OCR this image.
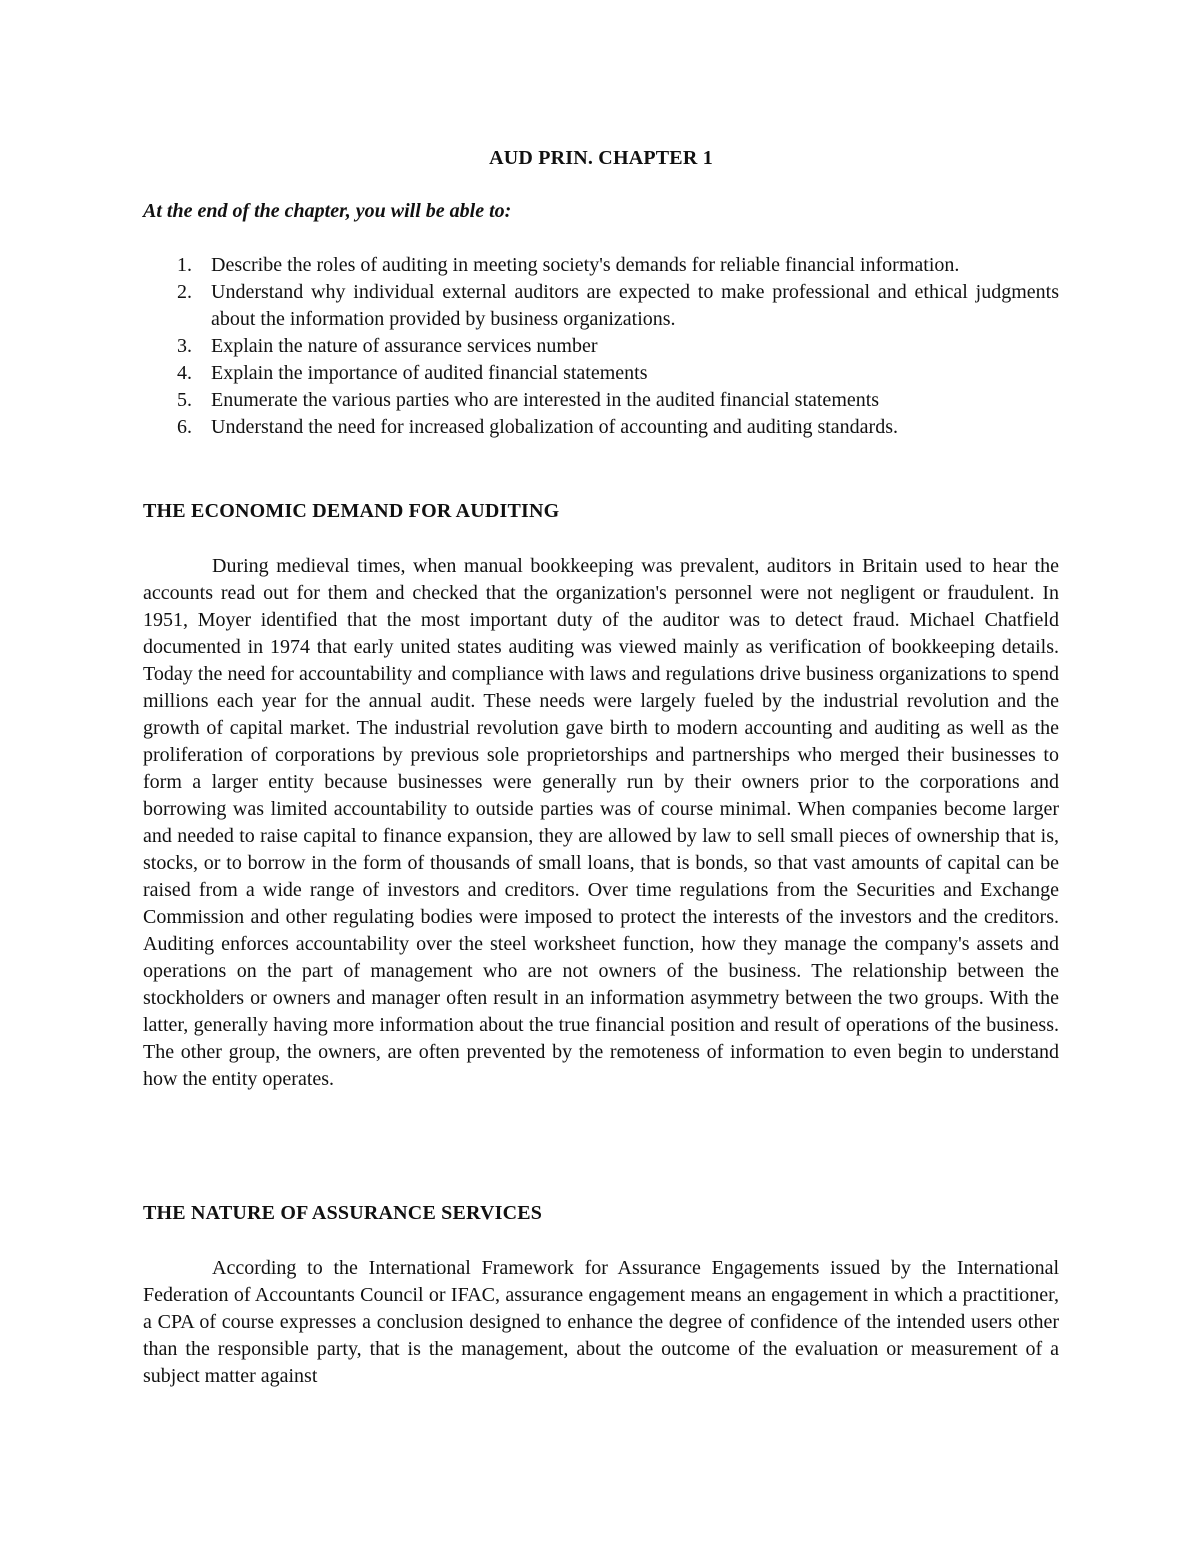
AUD PRIN. CHAPTER 1
At the end of the chapter, you will be able to:
1. Describe the roles of auditing in meeting society's demands for reliable financial information.
2. Understand why individual external auditors are expected to make professional and ethical judgments about the information provided by business organizations.
3. Explain the nature of assurance services number
4. Explain the importance of audited financial statements
5. Enumerate the various parties who are interested in the audited financial statements
6. Understand the need for increased globalization of accounting and auditing standards.
THE ECONOMIC DEMAND FOR AUDITING

During medieval times, when manual bookkeeping was prevalent, auditors in Britain used to hear the accounts read out for them and checked that the organization's personnel were not negligent or fraudulent. In 1951, Moyer identified that the most important duty of the auditor was to detect fraud. Michael Chatfield documented in 1974 that early united states auditing was viewed mainly as verification of bookkeeping details. Today the need for accountability and compliance with laws and regulations drive business organizations to spend millions each year for the annual audit. These needs were largely fueled by the industrial revolution and the growth of capital market. The industrial revolution gave birth to modern accounting and auditing as well as the proliferation of corporations by previous sole proprietorships and partnerships who merged their businesses to form a larger entity because businesses were generally run by their owners prior to the corporations and borrowing was limited accountability to outside parties was of course minimal. When companies become larger and needed to raise capital to finance expansion, they are allowed by law to sell small pieces of ownership that is, stocks, or to borrow in the form of thousands of small loans, that is bonds, so that vast amounts of capital can be raised from a wide range of investors and creditors. Over time regulations from the Securities and Exchange Commission and other regulating bodies were imposed to protect the interests of the investors and the creditors. Auditing enforces accountability over the steel worksheet function, how they manage the company's assets and operations on the part of management who are not owners of the business. The relationship between the stockholders or owners and manager often result in an information asymmetry between the two groups. With the latter, generally having more information about the true financial position and result of operations of the business. The other group, the owners, are often prevented by the remoteness of information to even begin to understand how the entity operates.

THE NATURE OF ASSURANCE SERVICES

According to the International Framework for Assurance Engagements issued by the International Federation of Accountants Council or IFAC, assurance engagement means an engagement in which a practitioner, a CPA of course expresses a conclusion designed to enhance the degree of confidence of the intended users other than the responsible party, that is the management, about the outcome of the evaluation or measurement of a subject matter against
